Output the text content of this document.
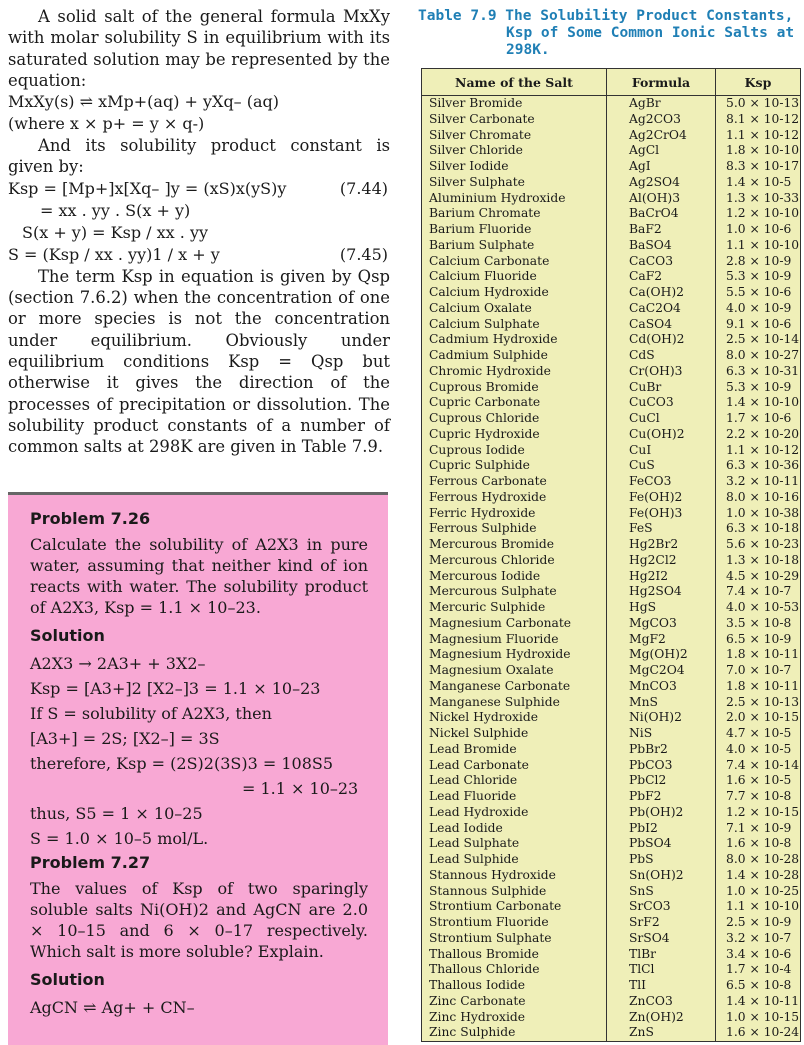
A solid salt of the general formula MxXy with molar solubility S in equilibrium with its saturated solution may be represented by the equation:

MxXy(s) ⇌ xMp+(aq) + yXq– (aq)
(where x × p+ = y × q-)

And its solubility product constant is given by:

Ksp = [Mp+]x[Xq– ]y = (xS)x(yS)y	(7.44)
= xx . yy . S(x + y)
S(x + y) = Ksp / xx . yy
S = (Ksp / xx . yy)1 / x + y	(7.45)

The term Ksp in equation is given by Qsp (section 7.6.2) when the concentration of one or more species is not the concentration under equilibrium. Obviously under equilibrium conditions Ksp = Qsp but otherwise it gives the direction of the processes of precipitation or dissolution. The solubility product constants of a number of common salts at 298K are given in Table 7.9.

Problem 7.26

Calculate the solubility of A2X3 in pure water, assuming that neither kind of ion reacts with water. The solubility product of A2X3, Ksp = 1.1 × 10–23.

Solution
A2X3 → 2A3+ + 3X2–
Ksp = [A3+]2 [X2–]3 = 1.1 × 10–23
If S = solubility of A2X3, then
[A3+] = 2S; [X2–] = 3S
therefore, Ksp = (2S)2(3S)3 = 108S5
= 1.1 × 10–23
thus, S5 = 1 × 10–25
S = 1.0 × 10–5 mol/L.
Problem 7.27

The values of Ksp of two sparingly soluble salts Ni(OH)2 and AgCN are 2.0 × 10–15 and 6 × 0–17 respectively. Which salt is more soluble? Explain.

Solution
AgCN ⇌ Ag+ + CN–
Table 7.9 The Solubility Product Constants,
Ksp of Some Common Ionic Salts at
298K.
Name of the Salt	Formula	Ksp
Silver Bromide	AgBr	5.0 × 10-13
Silver Carbonate	Ag2CO3	8.1 × 10-12
Silver Chromate	Ag2CrO4	1.1 × 10-12
Silver Chloride	AgCl	1.8 × 10-10
Silver Iodide	AgI	8.3 × 10-17
Silver Sulphate	Ag2SO4	1.4 × 10-5
Aluminium Hydroxide	Al(OH)3	1.3 × 10-33
Barium Chromate	BaCrO4	1.2 × 10-10
Barium Fluoride	BaF2	1.0 × 10-6
Barium Sulphate	BaSO4	1.1 × 10-10
Calcium Carbonate	CaCO3	2.8 × 10-9
Calcium Fluoride	CaF2	5.3 × 10-9
Calcium Hydroxide	Ca(OH)2	5.5 × 10-6
Calcium Oxalate	CaC2O4	4.0 × 10-9
Calcium Sulphate	CaSO4	9.1 × 10-6
Cadmium Hydroxide	Cd(OH)2	2.5 × 10-14
Cadmium Sulphide	CdS	8.0 × 10-27
Chromic Hydroxide	Cr(OH)3	6.3 × 10-31
Cuprous Bromide	CuBr	5.3 × 10-9
Cupric Carbonate	CuCO3	1.4 × 10-10
Cuprous Chloride	CuCl	1.7 × 10-6
Cupric Hydroxide	Cu(OH)2	2.2 × 10-20
Cuprous Iodide	CuI	1.1 × 10-12
Cupric Sulphide	CuS	6.3 × 10-36
Ferrous Carbonate	FeCO3	3.2 × 10-11
Ferrous Hydroxide	Fe(OH)2	8.0 × 10-16
Ferric Hydroxide	Fe(OH)3	1.0 × 10-38
Ferrous Sulphide	FeS	6.3 × 10-18
Mercurous Bromide	Hg2Br2	5.6 × 10-23
Mercurous Chloride	Hg2Cl2	1.3 × 10-18
Mercurous Iodide	Hg2I2	4.5 × 10-29
Mercurous Sulphate	Hg2SO4	7.4 × 10-7
Mercuric Sulphide	HgS	4.0 × 10-53
Magnesium Carbonate	MgCO3	3.5 × 10-8
Magnesium Fluoride	MgF2	6.5 × 10-9
Magnesium Hydroxide	Mg(OH)2	1.8 × 10-11
Magnesium Oxalate	MgC2O4	7.0 × 10-7
Manganese Carbonate	MnCO3	1.8 × 10-11
Manganese Sulphide	MnS	2.5 × 10-13
Nickel Hydroxide	Ni(OH)2	2.0 × 10-15
Nickel Sulphide	NiS	4.7 × 10-5
Lead Bromide	PbBr2	4.0 × 10-5
Lead Carbonate	PbCO3	7.4 × 10-14
Lead Chloride	PbCl2	1.6 × 10-5
Lead Fluoride	PbF2	7.7 × 10-8
Lead Hydroxide	Pb(OH)2	1.2 × 10-15
Lead Iodide	PbI2	7.1 × 10-9
Lead Sulphate	PbSO4	1.6 × 10-8
Lead Sulphide	PbS	8.0 × 10-28
Stannous Hydroxide	Sn(OH)2	1.4 × 10-28
Stannous Sulphide	SnS	1.0 × 10-25
Strontium Carbonate	SrCO3	1.1 × 10-10
Strontium Fluoride	SrF2	2.5 × 10-9
Strontium Sulphate	SrSO4	3.2 × 10-7
Thallous Bromide	TlBr	3.4 × 10-6
Thallous Chloride	TlCl	1.7 × 10-4
Thallous Iodide	TlI	6.5 × 10-8
Zinc Carbonate	ZnCO3	1.4 × 10-11
Zinc Hydroxide	Zn(OH)2	1.0 × 10-15
Zinc Sulphide	ZnS	1.6 × 10-24
